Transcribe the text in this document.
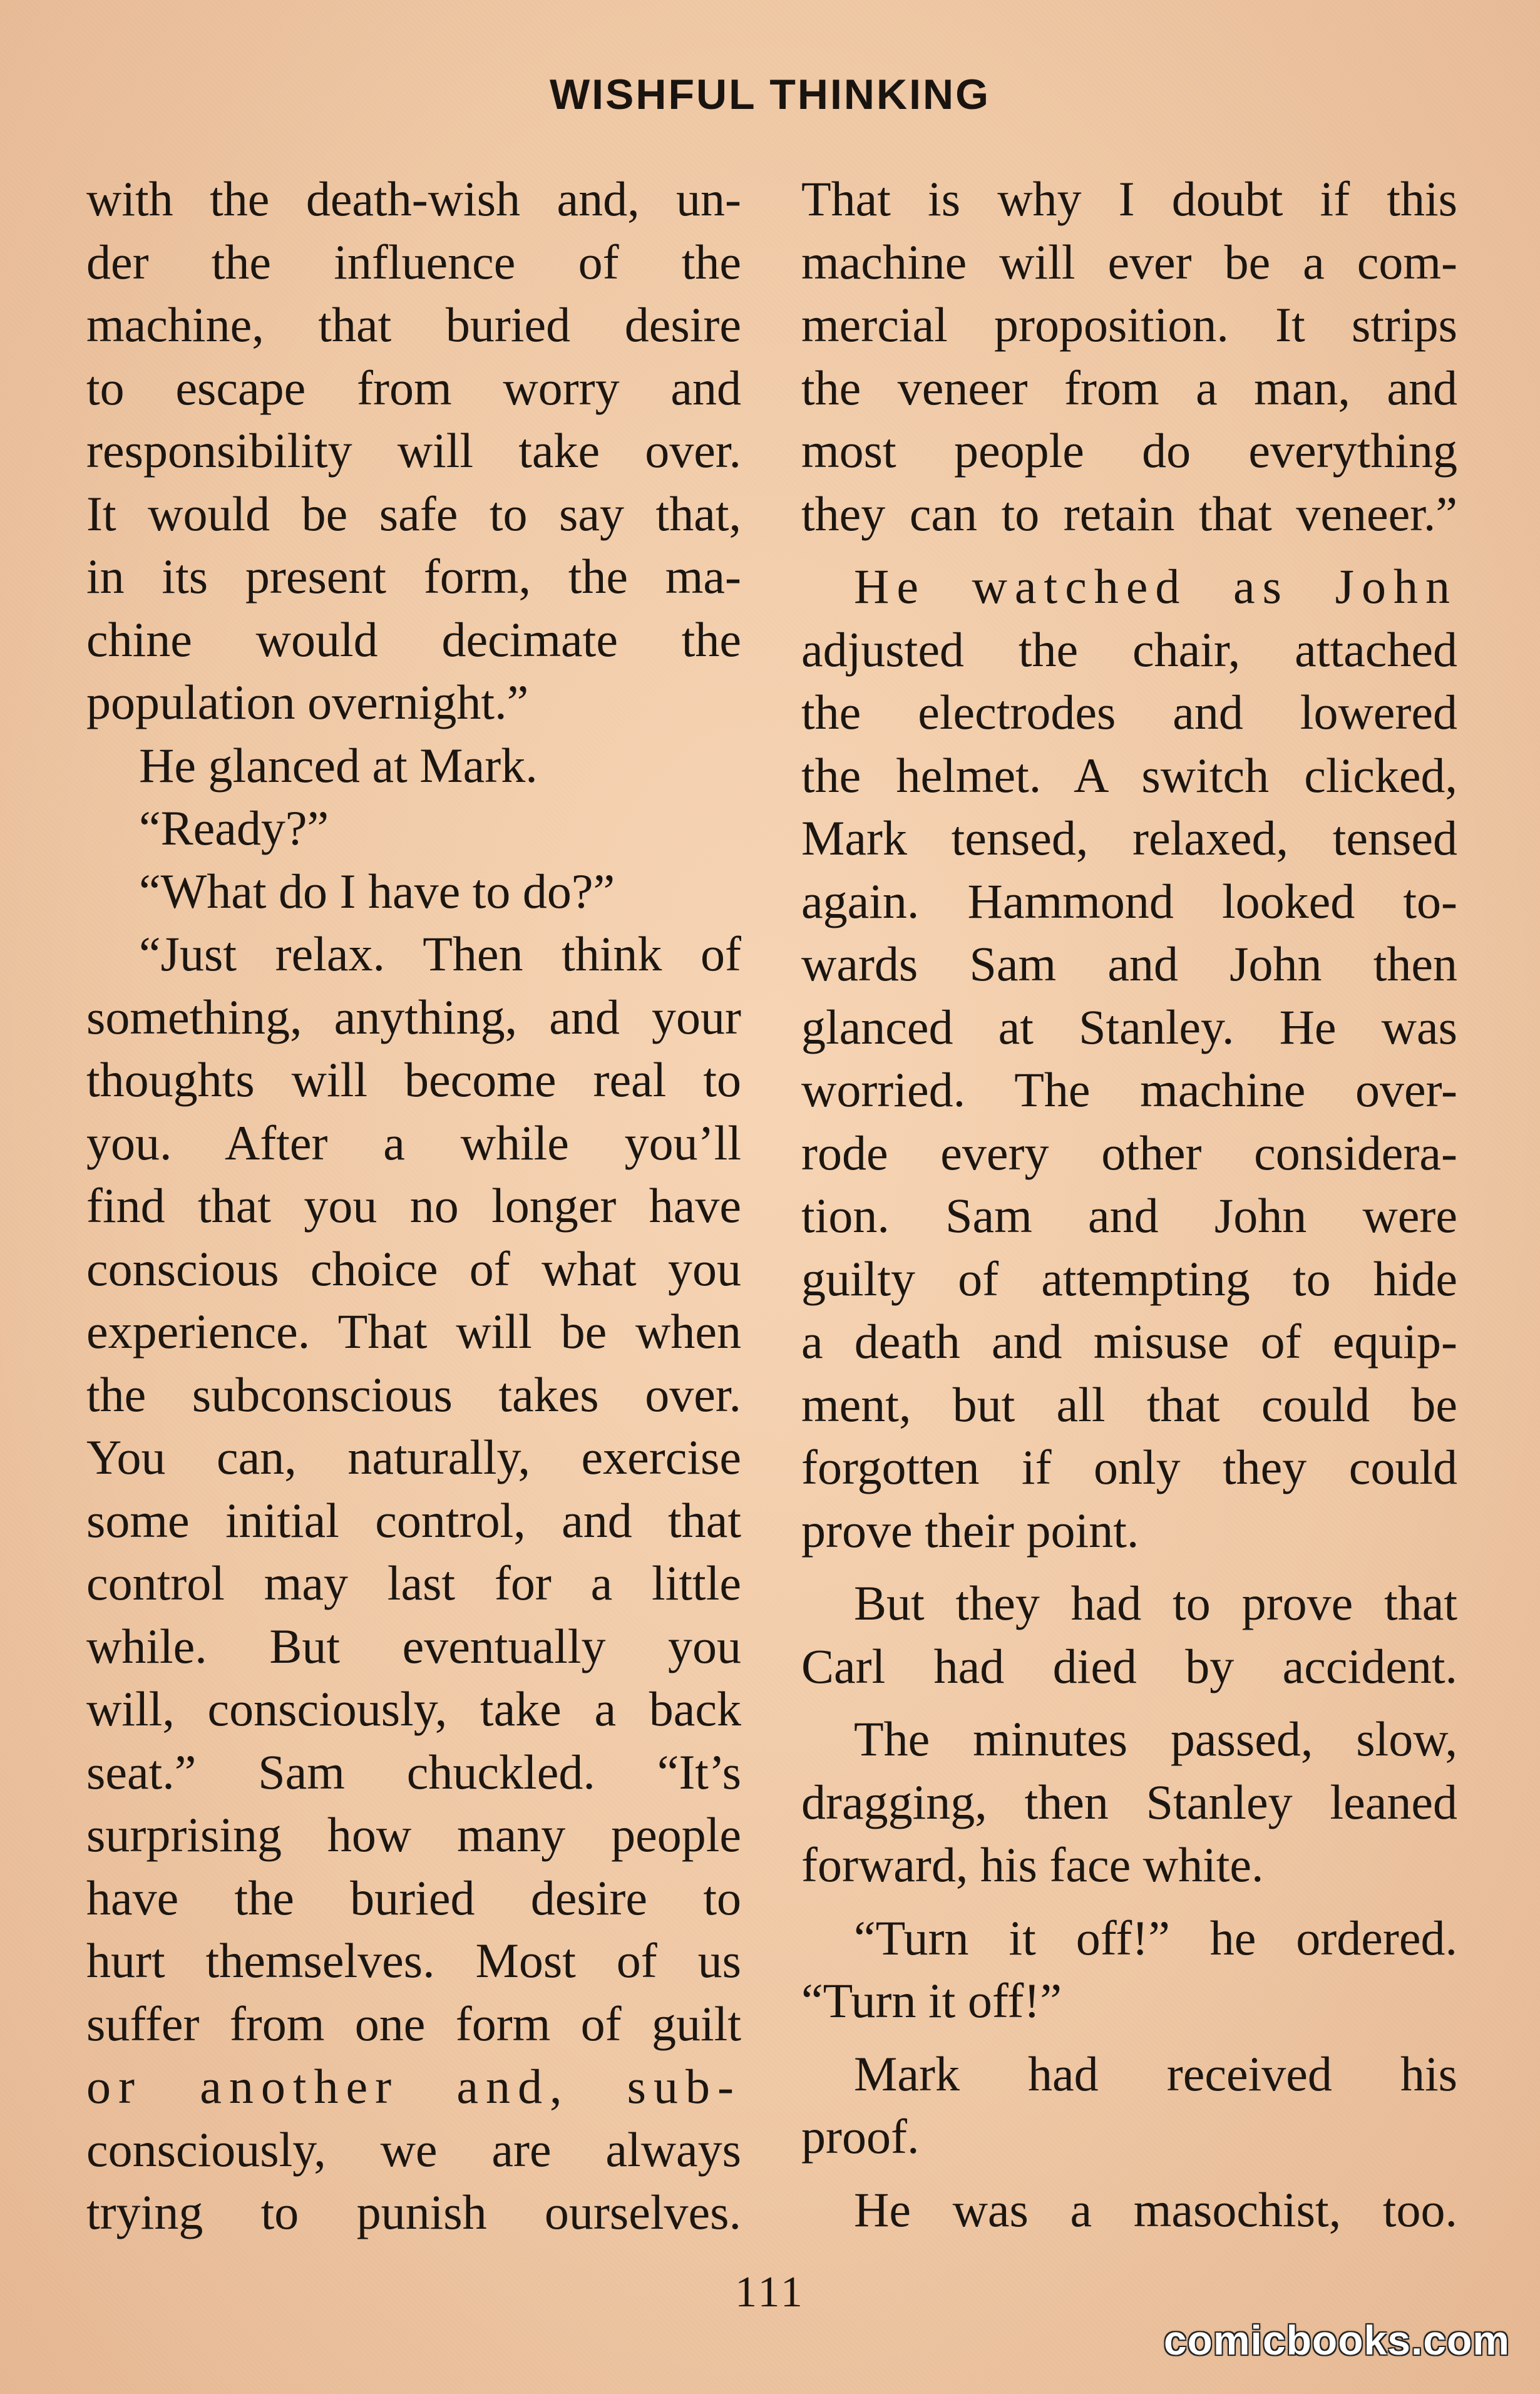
WISHFUL THINKING
with the death-wish and, un-
der the influence of the
machine, that buried desire
to escape from worry and
responsibility will take over.
It would be safe to say that,
in its present form, the ma-
chine would decimate the
population overnight.”
He glanced at Mark.
“Ready?”
“What do I have to do?”
“Just relax. Then think of
something, anything, and your
thoughts will become real to
you. After a while you’ll
find that you no longer have
conscious choice of what you
experience. That will be when
the subconscious takes over.
You can, naturally, exercise
some initial control, and that
control may last for a little
while. But eventually you
will, consciously, take a back
seat.” Sam chuckled. “It’s
surprising how many people
have the buried desire to
hurt themselves. Most of us
suffer from one form of guilt
or another and, sub-
consciously, we are always
trying to punish ourselves.
That is why I doubt if this
machine will ever be a com-
mercial proposition. It strips
the veneer from a man, and
most people do everything
they can to retain that veneer.”
He watched as John
adjusted the chair, attached
the electrodes and lowered
the helmet. A switch clicked,
Mark tensed, relaxed, tensed
again. Hammond looked to-
wards Sam and John then
glanced at Stanley. He was
worried. The machine over-
rode every other considera-
tion. Sam and John were
guilty of attempting to hide
a death and misuse of equip-
ment, but all that could be
forgotten if only they could
prove their point.
But they had to prove that
Carl had died by accident.
The minutes passed, slow,
dragging, then Stanley leaned
forward, his face white.
“Turn it off!” he ordered.
“Turn it off!”
Mark had received his
proof.
He was a masochist, too.
111
comicbooks.com
